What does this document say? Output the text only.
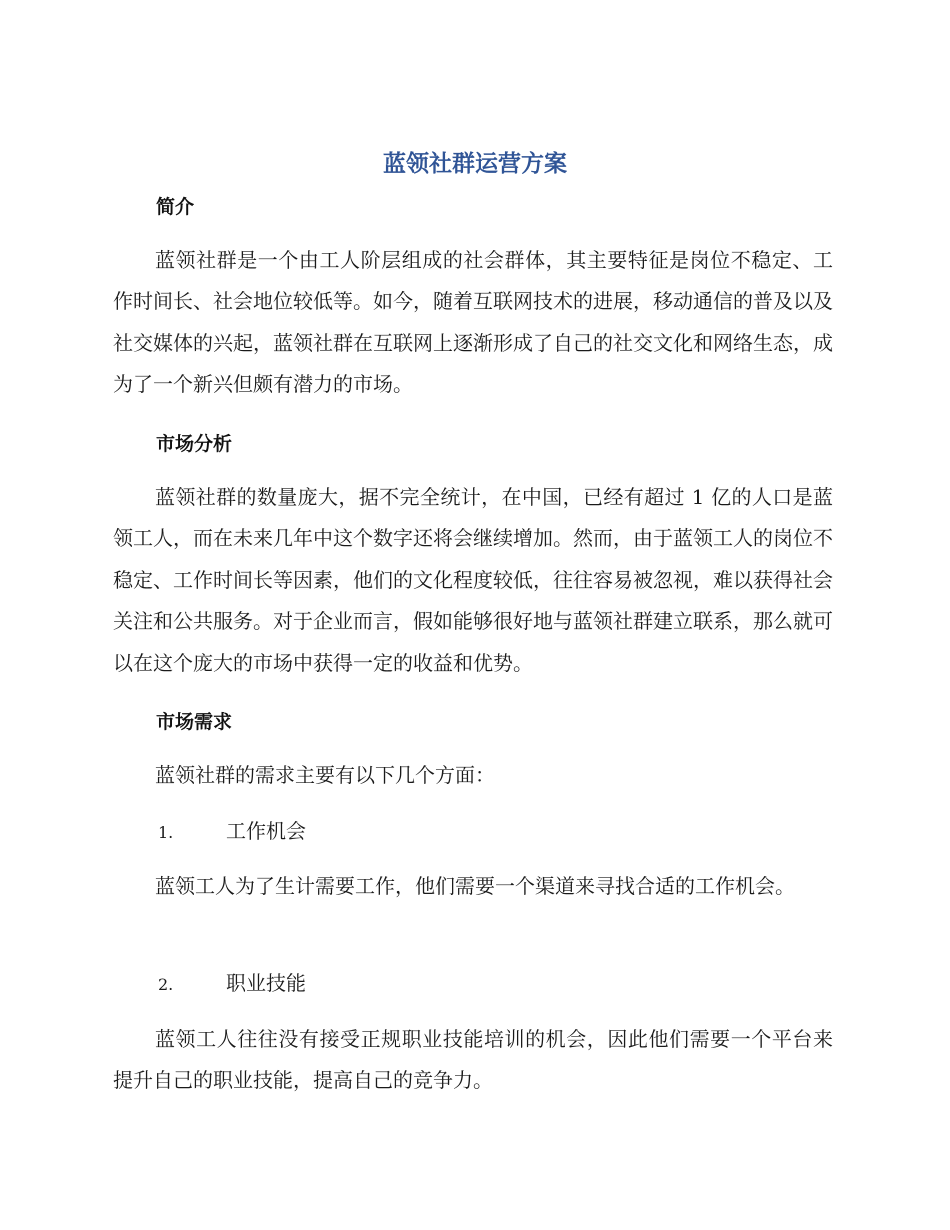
蓝领社群运营方案
简介

蓝领社群是一个由工人阶层组成的社会群体，其主要特征是岗位不稳定、工作时间长、社会地位较低等。如今，随着互联网技术的进展，移动通信的普及以及社交媒体的兴起，蓝领社群在互联网上逐渐形成了自己的社交文化和网络生态，成为了一个新兴但颇有潜力的市场。

市场分析

蓝领社群的数量庞大，据不完全统计，在中国，已经有超过 1 亿的人口是蓝领工人，而在未来几年中这个数字还将会继续增加。然而，由于蓝领工人的岗位不稳定、工作时间长等因素，他们的文化程度较低，往往容易被忽视，难以获得社会关注和公共服务。对于企业而言，假如能够很好地与蓝领社群建立联系，那么就可以在这个庞大的市场中获得一定的收益和优势。

市场需求

蓝领社群的需求主要有以下几个方面：

1.	工作机会

蓝领工人为了生计需要工作，他们需要一个渠道来寻找合适的工作机会。

2.	职业技能

蓝领工人往往没有接受正规职业技能培训的机会，因此他们需要一个平台来提升自己的职业技能，提高自己的竞争力。
